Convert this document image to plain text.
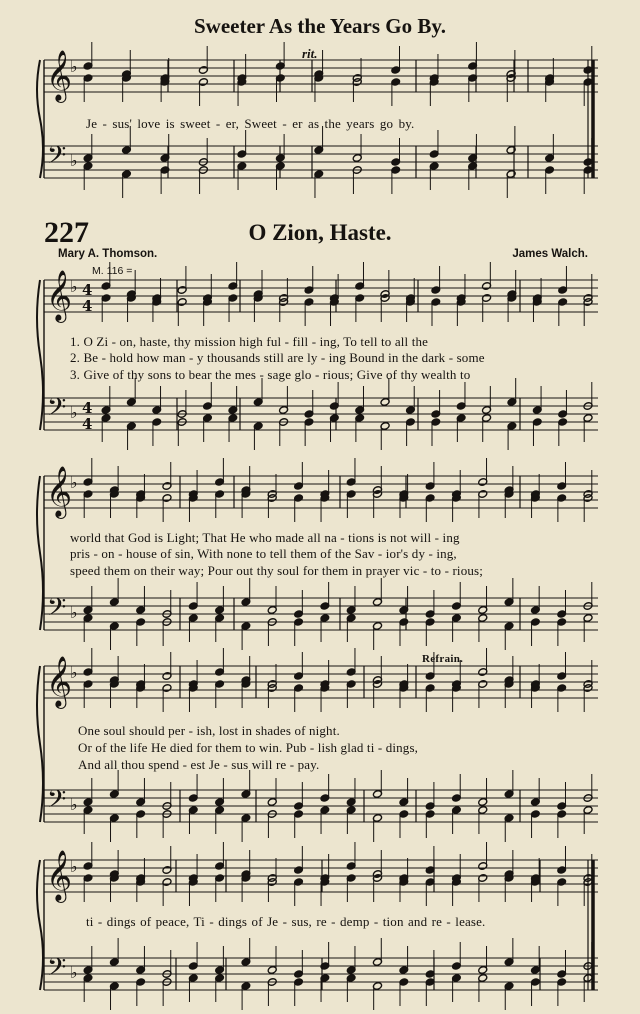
𝄞
𝄢
♭
♭
𝄞
𝄢
♭
♭
4
4
4
4
𝄞
𝄢
♭
♭
𝄞
𝄢
♭
♭
𝄞
𝄢
♭
♭
Sweeter As the Years Go By.
rit.
Je - sus' love is sweet - er, Sweet - er as the years go by.
227	O Zion, Haste.
Mary A. Thomson.	James Walch.
M. 116 =
1. O Zi - on, haste, thy mission high ful - fill - ing, To tell to all the
2. Be - hold how man - y thousands still are ly - ing Bound in the dark - some
3. Give of thy sons to bear the mes - sage glo - rious; Give of thy wealth to
world that God is Light; That He who made all na - tions is not will - ing
pris - on - house of sin, With none to tell them of the Sav - ior's dy - ing,
speed them on their way; Pour out thy soul for them in prayer vic - to - rious;
Refrain.
One soul should per - ish, lost in shades of night.
Or of the life He died for them to win. Pub - lish glad ti - dings,
And all thou spend - est Je - sus will re - pay.
ti - dings of peace, Ti - dings of Je - sus, re - demp - tion and re - lease.
